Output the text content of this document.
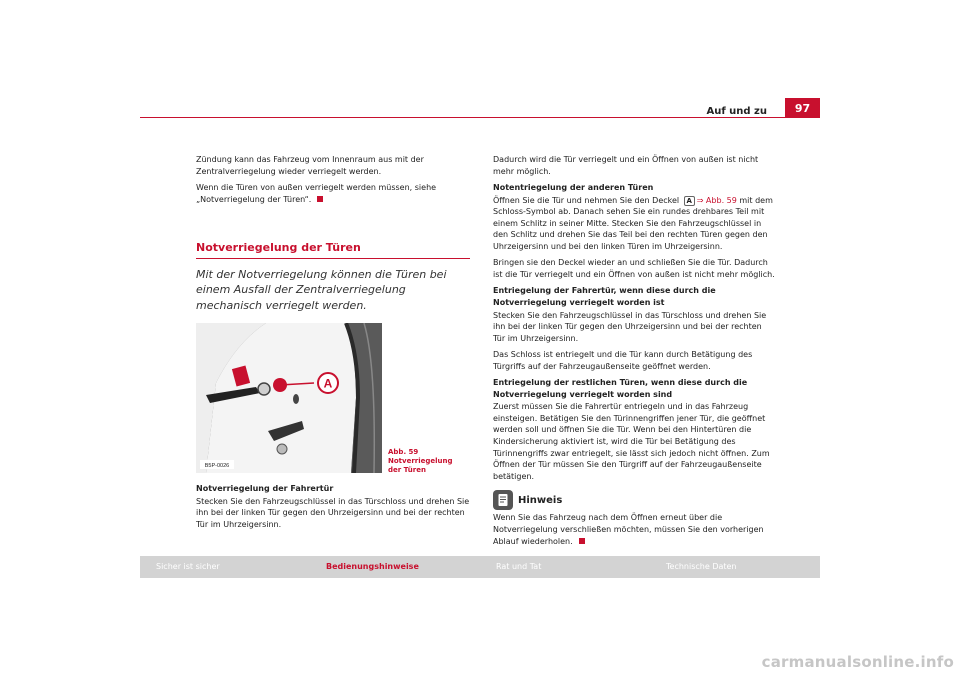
Auf und zu	97

Zündung kann das Fahrzeug vom Innenraum aus mit der Zentralverriegelung wieder verriegelt werden.

Wenn die Türen von außen verriegelt werden müssen, siehe „Notverriegelung der Türen“.

Notverriegelung der Türen
Mit der Notverriegelung können die Türen bei einem Ausfall der Zentralverriegelung mechanisch verriegelt werden.
A
B5P-0026
Abb. 59 Notverriegelung
der Türen

Notverriegelung der Fahrertür

Stecken Sie den Fahrzeugschlüssel in das Türschloss und drehen Sie ihn bei der linken Tür gegen den Uhrzeigersinn und bei der rechten Tür im Uhrzeigersinn.

Dadurch wird die Tür verriegelt und ein Öffnen von außen ist nicht mehr möglich.

Notentriegelung der anderen Türen

Öffnen Sie die Tür und nehmen Sie den Deckel A ⇒ Abb. 59 mit dem Schloss-Symbol ab. Danach sehen Sie ein rundes drehbares Teil mit einem Schlitz in seiner Mitte. Stecken Sie den Fahrzeugschlüssel in den Schlitz und drehen Sie das Teil bei den rechten Türen gegen den Uhrzeigersinn und bei den linken Türen im Uhrzeigersinn.

Bringen sie den Deckel wieder an und schließen Sie die Tür. Dadurch ist die Tür verriegelt und ein Öffnen von außen ist nicht mehr möglich.

Entriegelung der Fahrertür, wenn diese durch die Notverriegelung verriegelt worden ist

Stecken Sie den Fahrzeugschlüssel in das Türschloss und drehen Sie ihn bei der linken Tür gegen den Uhrzeigersinn und bei der rechten Tür im Uhrzeigersinn.

Das Schloss ist entriegelt und die Tür kann durch Betätigung des Türgriffs auf der Fahrzeugaußenseite geöffnet werden.

Entriegelung der restlichen Türen, wenn diese durch die Notverriegelung verriegelt worden sind

Zuerst müssen Sie die Fahrertür entriegeln und in das Fahrzeug einsteigen. Betätigen Sie den Türinnengriffen jener Tür, die geöffnet werden soll und öffnen Sie die Tür. Wenn bei den Hintertüren die Kindersicherung aktiviert ist, wird die Tür bei Betätigung des Türinnengriffs zwar entriegelt, sie lässt sich jedoch nicht öffnen. Zum Öffnen der Tür müssen Sie den Türgriff auf der Fahrzeugaußenseite betätigen.

Hinweis

Wenn Sie das Fahrzeug nach dem Öffnen erneut über die Notverriegelung verschließen möchten, müssen Sie den vorherigen Ablauf wiederholen.

Sicher ist sicher	Bedienungshinweise	Rat und Tat	Technische Daten
carmanualsonline.info
